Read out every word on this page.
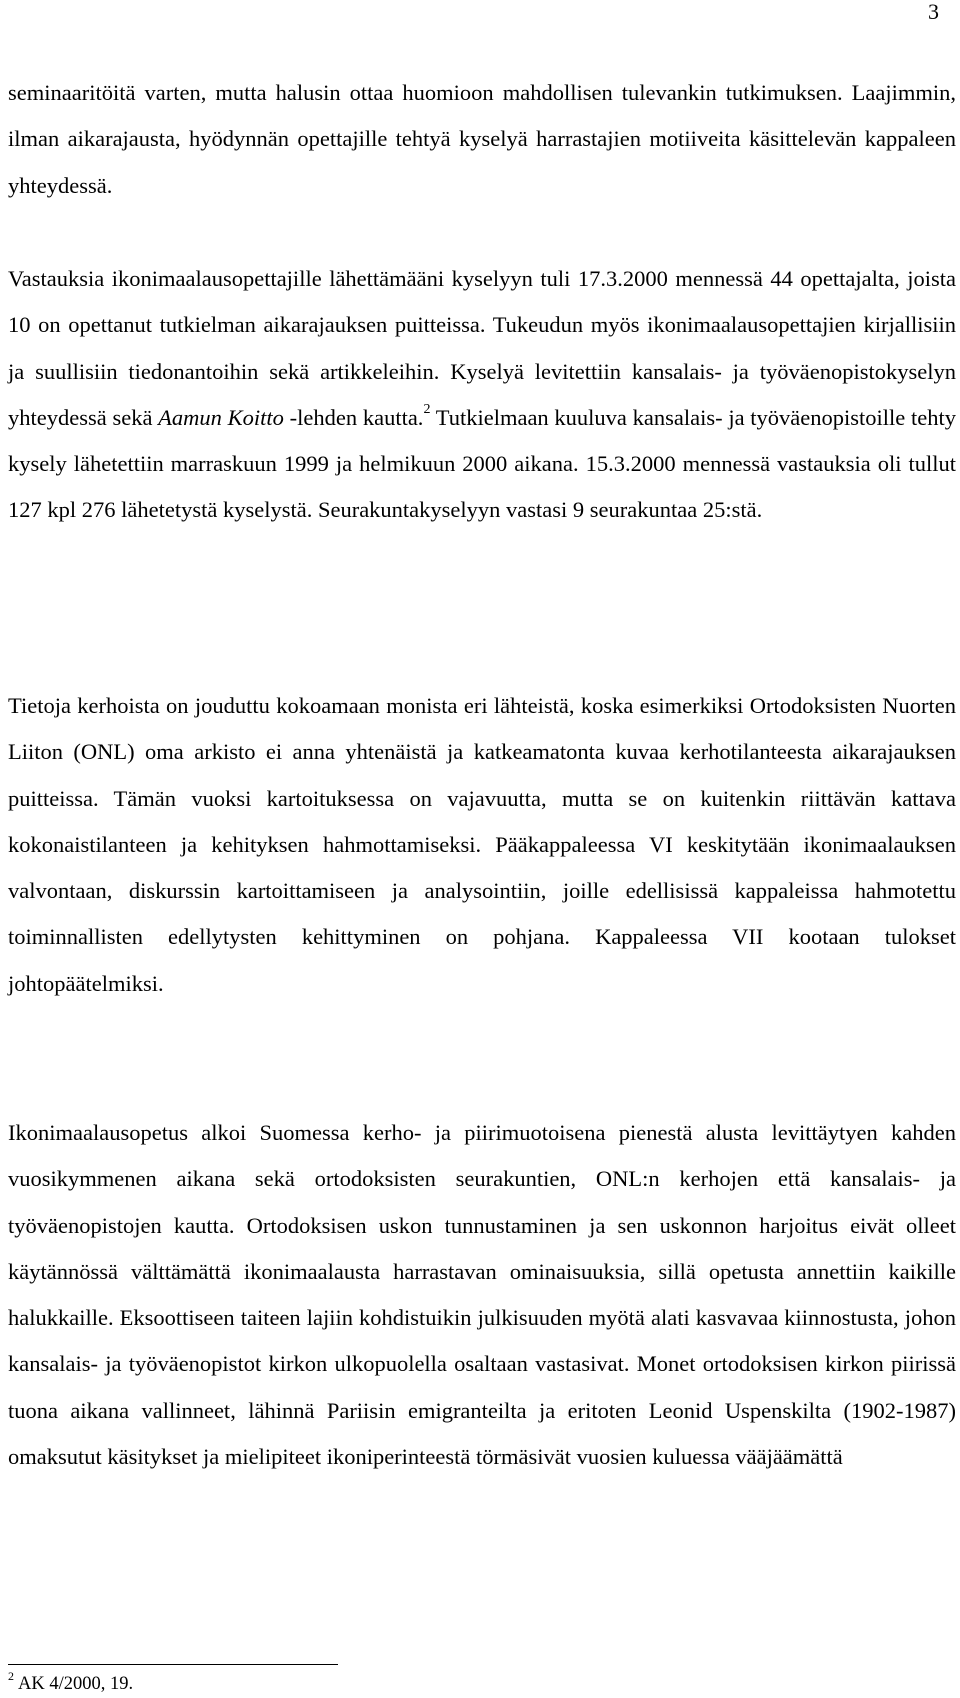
3

seminaaritöitä varten, mutta halusin ottaa huomioon mahdollisen tulevankin tutkimuksen. Laajimmin, ilman aikarajausta, hyödynnän opettajille tehtyä kyselyä harrastajien motiiveita käsittelevän kappaleen yhteydessä.

Vastauksia ikonimaalausopettajille lähettämääni kyselyyn tuli 17.3.2000 mennessä 44 opettajalta, joista 10 on opettanut tutkielman aikarajauksen puitteissa. Tukeudun myös ikonimaalausopettajien kirjallisiin ja suullisiin tiedonantoihin sekä artikkeleihin. Kyselyä levitettiin kansalais- ja työväenopistokyselyn yhteydessä sekä Aamun Koitto -lehden kautta.$^2$ Tutkielmaan kuuluva kansalais- ja työväenopistoille tehty kysely lähetettiin marraskuun 1999 ja helmikuun 2000 aikana. 15.3.2000 mennessä vastauksia oli tullut 127 kpl 276 lähetetystä kyselystä. Seurakuntakyselyyn vastasi 9 seurakuntaa 25:stä.

Tietoja kerhoista on jouduttu kokoamaan monista eri lähteistä, koska esimerkiksi Ortodoksisten Nuorten Liiton (ONL) oma arkisto ei anna yhtenäistä ja katkeamatonta kuvaa kerhotilanteesta aikarajauksen puitteissa. Tämän vuoksi kartoituksessa on vajavuutta, mutta se on kuitenkin riittävän kattava kokonaistilanteen ja kehityksen hahmottamiseksi. Pääkappaleessa VI keskitytään ikonimaalauksen valvontaan, diskurssin kartoittamiseen ja analysointiin, joille edellisissä kappaleissa hahmotettu toiminnallisten edellytysten kehittyminen on pohjana. Kappaleessa VII kootaan tulokset johtopäätelmiksi.

Ikonimaalausopetus alkoi Suomessa kerho- ja piirimuotoisena pienestä alusta levittäytyen kahden vuosikymmenen aikana sekä ortodoksisten seurakuntien, ONL:n kerhojen että kansalais- ja työväenopistojen kautta. Ortodoksisen uskon tunnustaminen ja sen uskonnon harjoitus eivät olleet käytännössä välttämättä ikonimaalausta harrastavan ominaisuuksia, sillä opetusta annettiin kaikille halukkaille. Eksoottiseen taiteen lajiin kohdistuikin julkisuuden myötä alati kasvavaa kiinnostusta, johon kansalais- ja työväenopistot kirkon ulkopuolella osaltaan vastasivat. Monet ortodoksisen kirkon piirissä tuona aikana vallinneet, lähinnä Pariisin emigranteilta ja eritoten Leonid Uspenskilta (1902-1987) omaksutut käsitykset ja mielipiteet ikoniperinteestä törmäsivät vuosien kuluessa vääjäämättä

$^2$ AK 4/2000, 19.
